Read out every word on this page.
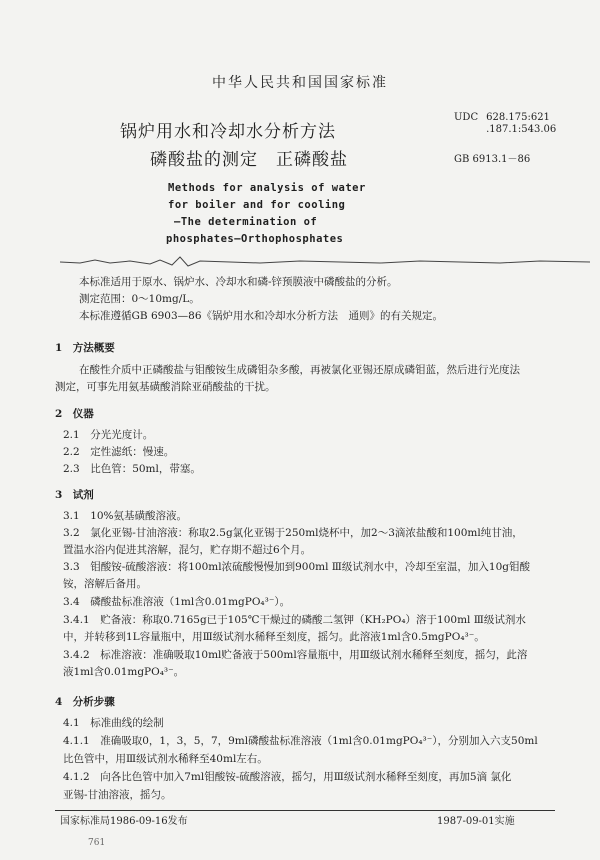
中华人民共和国国家标准
锅炉用水和冷却水分析方法
磷酸盐的测定　正磷酸盐
UDC 628.175:621
.187.1:543.06
GB 6913.1－86
Methods for analysis of water
for boiler and for cooling
—The determination of
phosphates—Orthophosphates
本标准适用于原水、锅炉水、冷却水和磷-锌预膜液中磷酸盐的分析。
测定范围：0～10mg/L。
本标准遵循GB 6903—86《锅炉用水和冷却水分析方法　通则》的有关规定。
1　方法概要
在酸性介质中正磷酸盐与钼酸铵生成磷钼杂多酸，再被氯化亚锡还原成磷钼蓝，然后进行光度法
测定，可事先用氨基磺酸消除亚硝酸盐的干扰。
2　仪器
2.1　分光光度计。
2.2　定性滤纸：慢速。
2.3　比色管：50ml，带塞。
3　试剂
3.1　10%氨基磺酸溶液。
3.2　氯化亚锡-甘油溶液：称取2.5g氯化亚锡于250ml烧杯中，加2～3滴浓盐酸和100ml纯甘油，
置温水浴内促进其溶解，混匀，贮存期不超过6个月。
3.3　钼酸铵-硫酸溶液：将100ml浓硫酸慢慢加到900ml Ⅲ级试剂水中，冷却至室温，加入10g钼酸
铵，溶解后备用。
3.4　磷酸盐标准溶液（1ml含0.01mgPO₄³⁻）。
3.4.1　贮备液：称取0.7165g已于105℃干燥过的磷酸二氢钾（KH₂PO₄）溶于100ml Ⅲ级试剂水
中，并转移到1L容量瓶中，用Ⅲ级试剂水稀释至刻度，摇匀。此溶液1ml含0.5mgPO₄³⁻。
3.4.2　标准溶液：准确吸取10ml贮备液于500ml容量瓶中，用Ⅲ级试剂水稀释至刻度，摇匀，此溶
液1ml含0.01mgPO₄³⁻。
4　分析步骤
4.1　标准曲线的绘制
4.1.1　准确吸取0，1，3，5，7，9ml磷酸盐标准溶液（1ml含0.01mgPO₄³⁻），分别加入六支50ml
比色管中，用Ⅲ级试剂水稀释至40ml左右。
4.1.2　向各比色管中加入7ml钼酸铵-硫酸溶液，摇匀，用Ⅲ级试剂水稀释至刻度，再加5滴 氯化
亚锡-甘油溶液，摇匀。
国家标准局1986-09-16发布	1987-09-01实施
761
